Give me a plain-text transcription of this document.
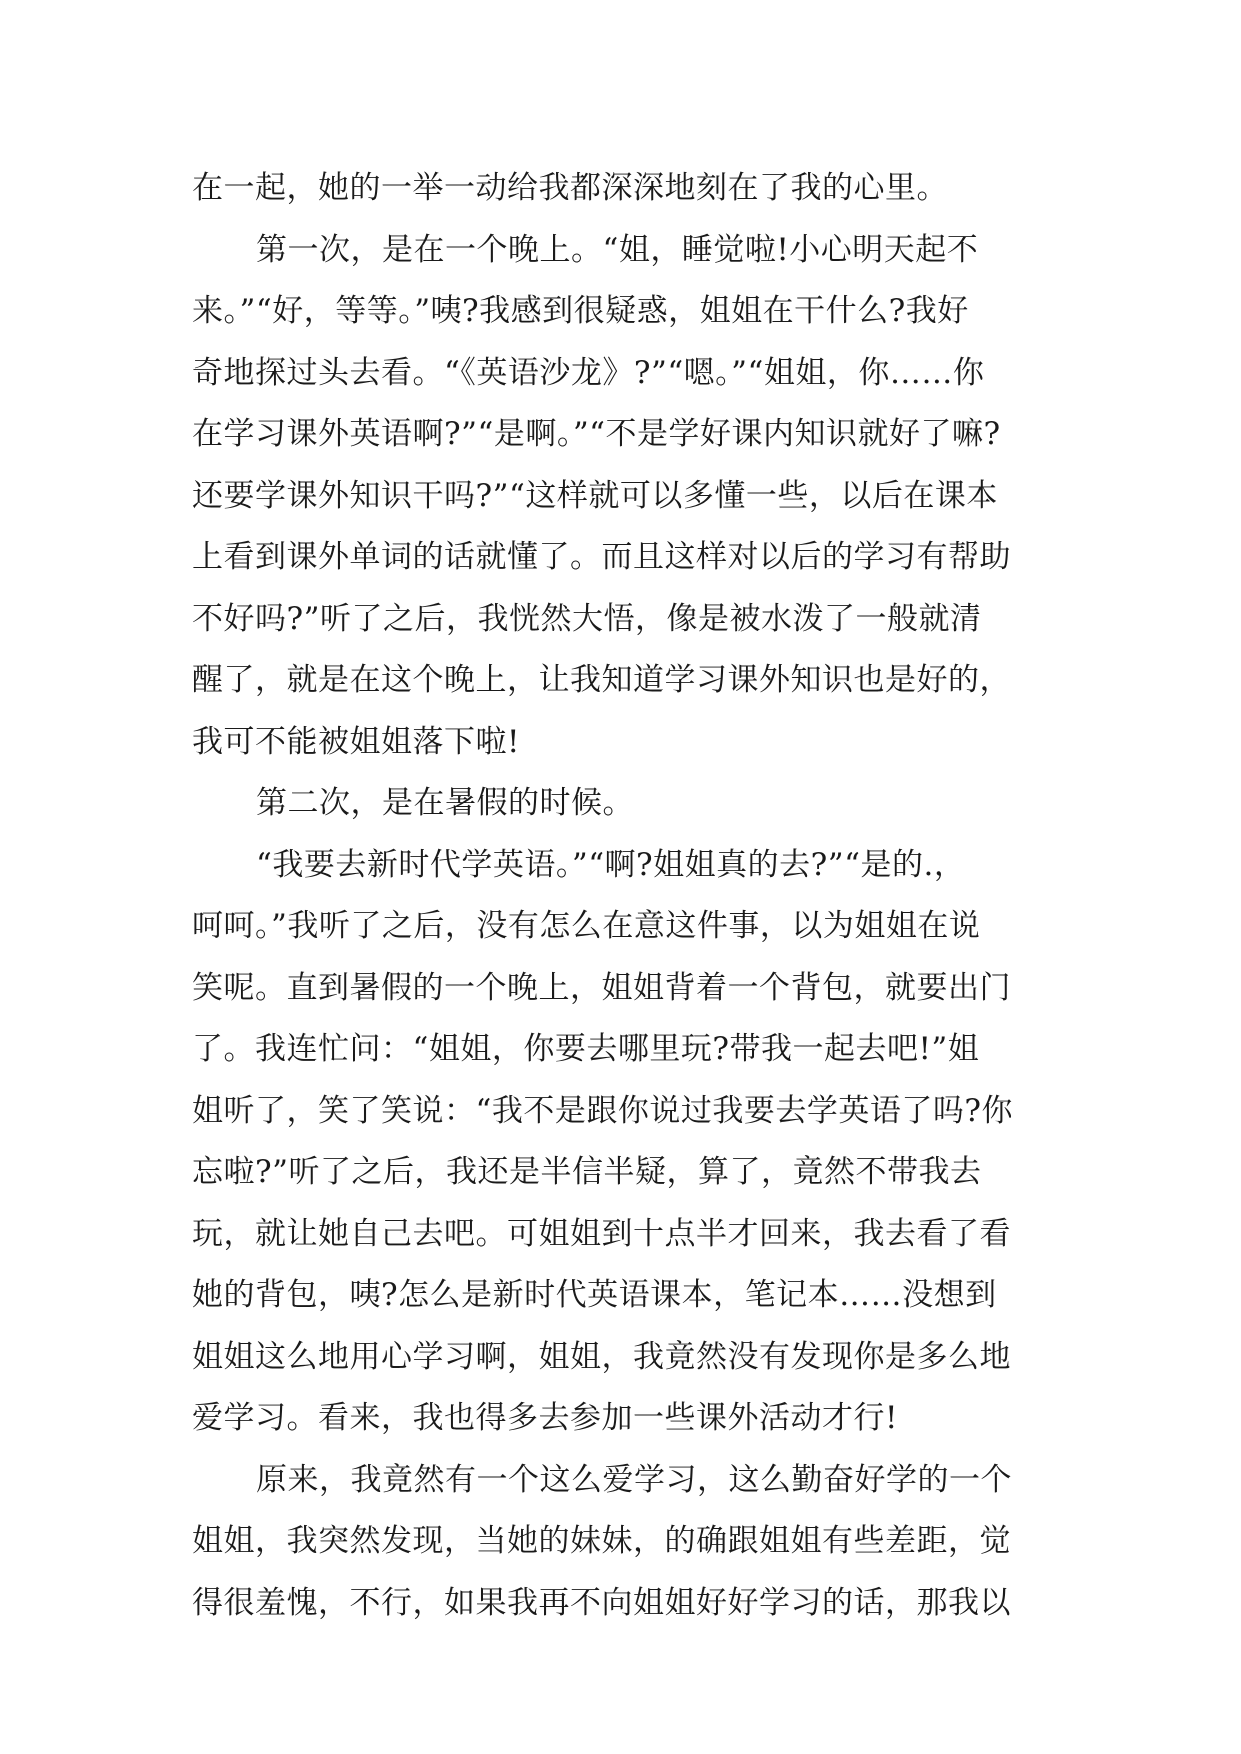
在一起，她的一举一动给我都深深地刻在了我的心里。
第一次，是在一个晚上。“姐，睡觉啦!小心明天起不
来。”“好，等等。”咦?我感到很疑惑，姐姐在干什么?我好
奇地探过头去看。“《英语沙龙》?”“嗯。”“姐姐，你……你
在学习课外英语啊?”“是啊。”“不是学好课内知识就好了嘛?
还要学课外知识干吗?”“这样就可以多懂一些，以后在课本
上看到课外单词的话就懂了。而且这样对以后的学习有帮助
不好吗?”听了之后，我恍然大悟，像是被水泼了一般就清
醒了，就是在这个晚上，让我知道学习课外知识也是好的，
我可不能被姐姐落下啦!
第二次，是在暑假的时候。
“我要去新时代学英语。”“啊?姐姐真的去?”“是的.，
呵呵。”我听了之后，没有怎么在意这件事，以为姐姐在说
笑呢。直到暑假的一个晚上，姐姐背着一个背包，就要出门
了。我连忙问：“姐姐，你要去哪里玩?带我一起去吧!”姐
姐听了，笑了笑说：“我不是跟你说过我要去学英语了吗?你
忘啦?”听了之后，我还是半信半疑，算了，竟然不带我去
玩，就让她自己去吧。可姐姐到十点半才回来，我去看了看
她的背包，咦?怎么是新时代英语课本，笔记本……没想到
姐姐这么地用心学习啊，姐姐，我竟然没有发现你是多么地
爱学习。看来，我也得多去参加一些课外活动才行!
原来，我竟然有一个这么爱学习，这么勤奋好学的一个
姐姐，我突然发现，当她的妹妹，的确跟姐姐有些差距，觉
得很羞愧，不行，如果我再不向姐姐好好学习的话，那我以
